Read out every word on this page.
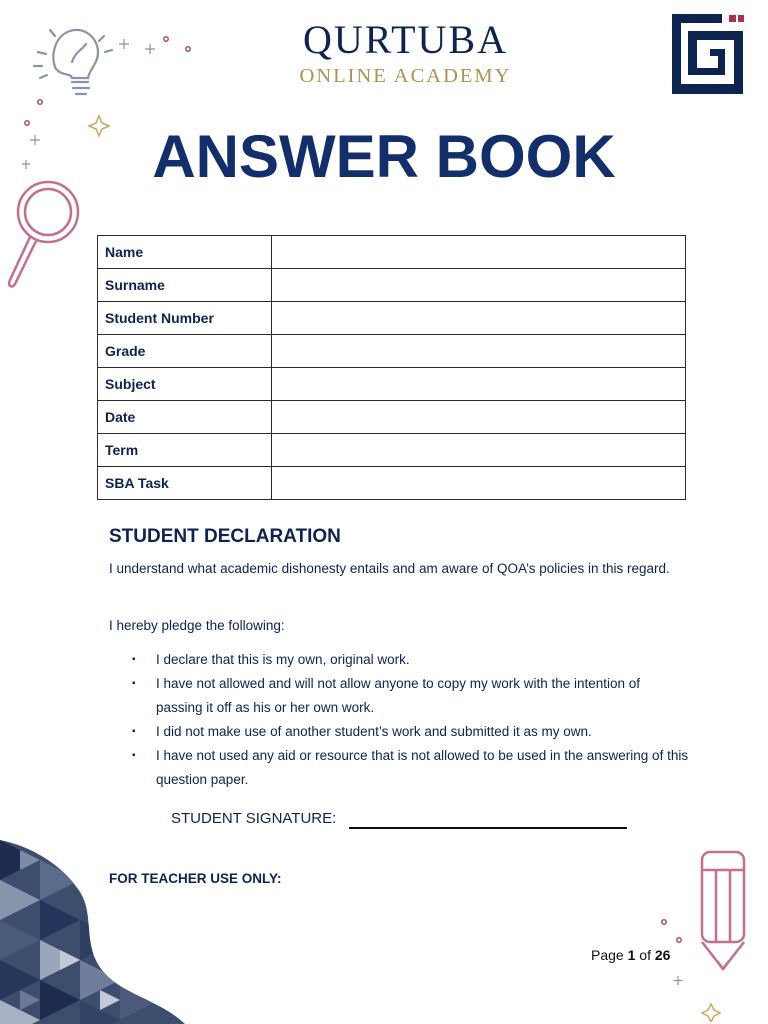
QURTUBA
ONLINE ACADEMY
ANSWER BOOK
Name	
Surname	
Student Number	
Grade	
Subject	
Date	
Term	
SBA Task	
STUDENT DECLARATION
I understand what academic dishonesty entails and am aware of QOA’s policies in this regard.
I hereby pledge the following:
▪ I declare that this is my own, original work.
▪ I have not allowed and will not allow anyone to copy my work with the intention of passing it off as his or her own work.
▪ I did not make use of another student’s work and submitted it as my own.
▪ I have not used any aid or resource that is not allowed to be used in the answering of this question paper.
STUDENT SIGNATURE:
FOR TEACHER USE ONLY:
Page 1 of 26
